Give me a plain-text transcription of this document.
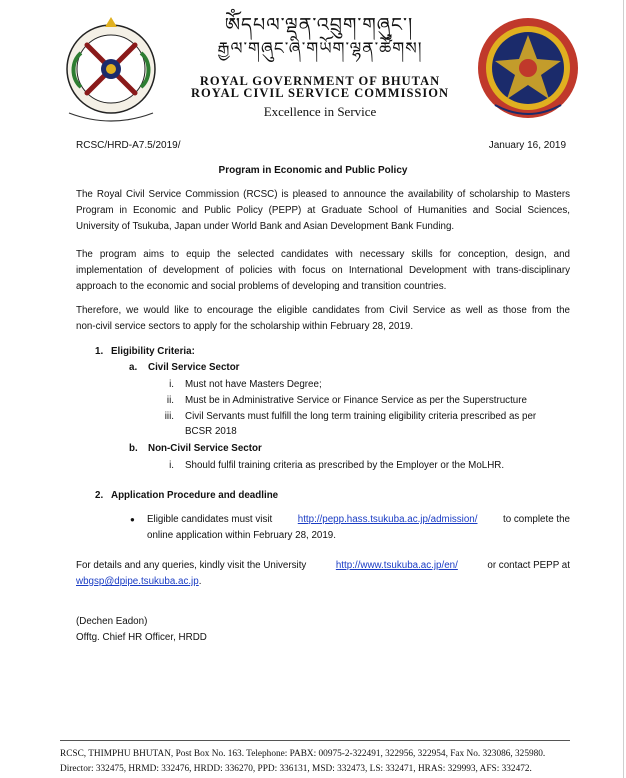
ༀདཔལ་ལྡན་འབྲུག་གཞུང་།
རྒྱལ་གཞུང་ཞི་གཡོག་ལྷན་ཚོགས།
ROYAL GOVERNMENT OF BHUTAN
ROYAL CIVIL SERVICE COMMISSION
Excellence in Service
RCSC/HRD-A7.5/2019/	January 16, 2019
Program in Economic and Public Policy
The Royal Civil Service Commission (RCSC) is pleased to announce the availability of scholarship to Masters
Program in Economic and Public Policy (PEPP) at Graduate School of Humanities and Social Sciences,
University of Tsukuba, Japan under World Bank and Asian Development Bank Funding.
The program aims to equip the selected candidates with necessary skills for conception, design, and
implementation of development of policies with focus on International Development with trans-disciplinary
approach to the economic and social problems of developing and transition countries.
Therefore, we would like to encourage the eligible candidates from Civil Service as well as those from the
non-civil service sectors to apply for the scholarship within February 28, 2019.
1. Eligibility Criteria:
a. Civil Service Sector
i. Must not have Masters Degree;
ii. Must be in Administrative Service or Finance Service as per the Superstructure
iii. Civil Servants must fulfill the long term training eligibility criteria prescribed as per
BCSR 2018
b. Non-Civil Service Sector
i. Should fulfil training criteria as prescribed by the Employer or the MoLHR.
2. Application Procedure and deadline
● Eligible candidates must visit	http://pepp.hass.tsukuba.ac.jp/admission/	to complete the
online application within February 28, 2019.
For details and any queries, kindly visit the University	http://www.tsukuba.ac.jp/en/	or contact PEPP at
wbgsp@dpipe.tsukuba.ac.jp.
(Dechen Eadon)
Offtg. Chief HR Officer, HRDD
RCSC, THIMPHU BHUTAN, Post Box No. 163. Telephone: PABX: 00975-2-322491, 322956, 322954, Fax No. 323086, 325980.
Director: 332475, HRMD: 332476, HRDD: 336270, PPD: 336131, MSD: 332473, LS: 332471, HRAS: 329993, AFS: 332472.
